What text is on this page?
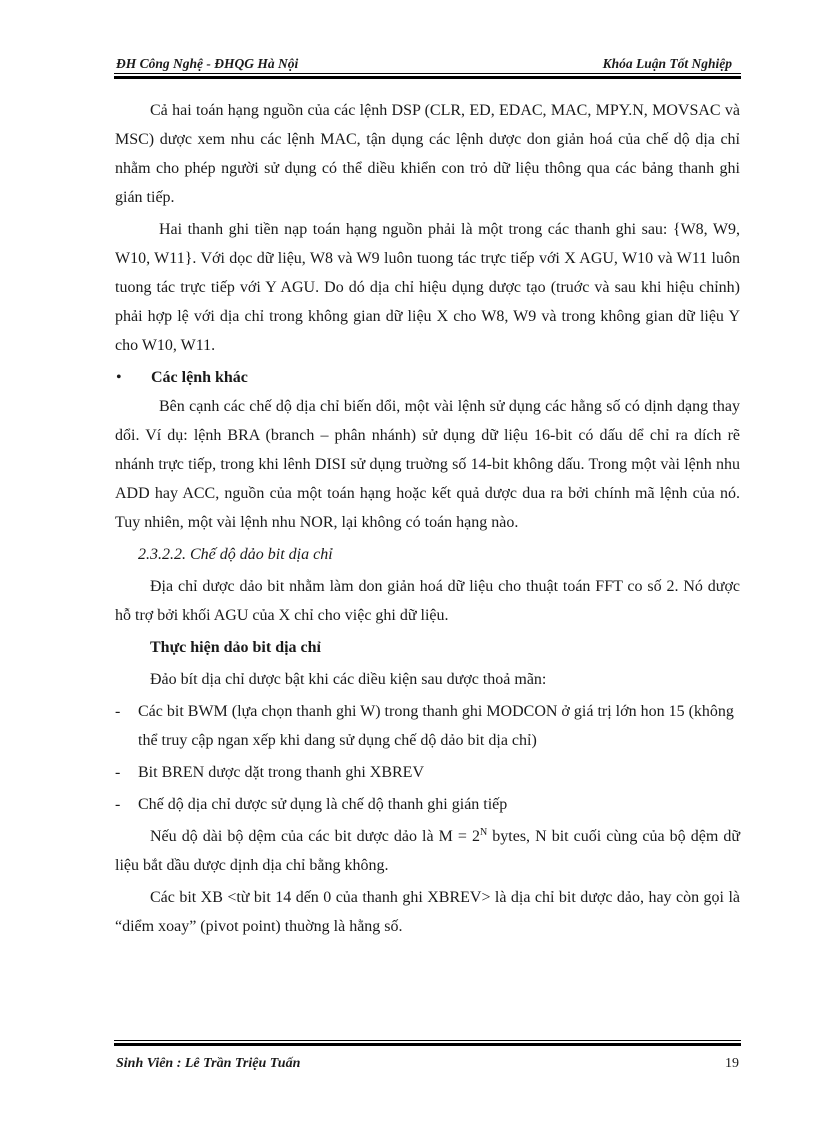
ĐH Công Nghệ - ĐHQG Hà Nội	Khóa Luận Tốt Nghiệp

Cả hai toán hạng nguồn của các lệnh DSP (CLR, ED, EDAC, MAC, MPY.N, MOVSAC và MSC) dược xem nhu các lệnh MAC, tận dụng các lệnh dược don giản hoá của chế dộ dịa chỉ nhằm cho phép người sử dụng có thể diều khiển con trỏ dữ liệu thông qua các bảng thanh ghi gián tiếp.

Hai thanh ghi tiền nạp toán hạng nguồn phải là một trong các thanh ghi sau: {W8, W9, W10, W11}. Với dọc dữ liệu, W8 và W9 luôn tuong tác trực tiếp với X AGU, W10 và W11 luôn tuong tác trực tiếp với Y AGU. Do dó dịa chỉ hiệu dụng dược tạo (truớc và sau khi hiệu chỉnh) phải hợp lệ với dịa chỉ trong không gian dữ liệu X cho W8, W9 và trong không gian dữ liệu Y cho W10, W11.

• Các lệnh khác

Bên cạnh các chế dộ dịa chỉ biến dổi, một vài lệnh sử dụng các hằng số có dịnh dạng thay dổi. Ví dụ: lệnh BRA (branch – phân nhánh) sử dụng dữ liệu 16-bit có dấu dể chỉ ra dích rẽ nhánh trực tiếp, trong khi lênh DISI sử dụng truờng số 14-bit không dấu. Trong một vài lệnh nhu ADD hay ACC, nguồn của một toán hạng hoặc kết quả dược dua ra bởi chính mã lệnh của nó. Tuy nhiên, một vài lệnh nhu NOR, lại không có toán hạng nào.

2.3.2.2. Chế dộ dảo bit dịa chỉ

Địa chỉ dược dảo bit nhằm làm don giản hoá dữ liệu cho thuật toán FFT co số 2. Nó dược hỗ trợ bởi khối AGU của X chỉ cho việc ghi dữ liệu.

Thực hiện dảo bit dịa chỉ

Đảo bít dịa chỉ dược bật khi các diều kiện sau dược thoả mãn:

- Các bit BWM (lựa chọn thanh ghi W) trong thanh ghi MODCON ở giá trị lớn hon 15 (không thể truy cập ngan xếp khi dang sử dụng chế dộ dảo bit dịa chỉ)
- Bit BREN dược dặt trong thanh ghi XBREV
- Chế dộ dịa chỉ dược sử dụng là chế dộ thanh ghi gián tiếp

Nếu dộ dài bộ dệm của các bit dược dảo là $M = 2^N$ bytes, N bit cuối cùng của bộ dệm dữ liệu bắt dầu dược dịnh dịa chỉ bằng không.

Các bit XB <từ bit 14 dến 0 của thanh ghi XBREV> là dịa chỉ bit dược dảo, hay còn gọi là “diểm xoay” (pivot point) thuờng là hằng số.

Sinh Viên : Lê Trần Triệu Tuấn	19
